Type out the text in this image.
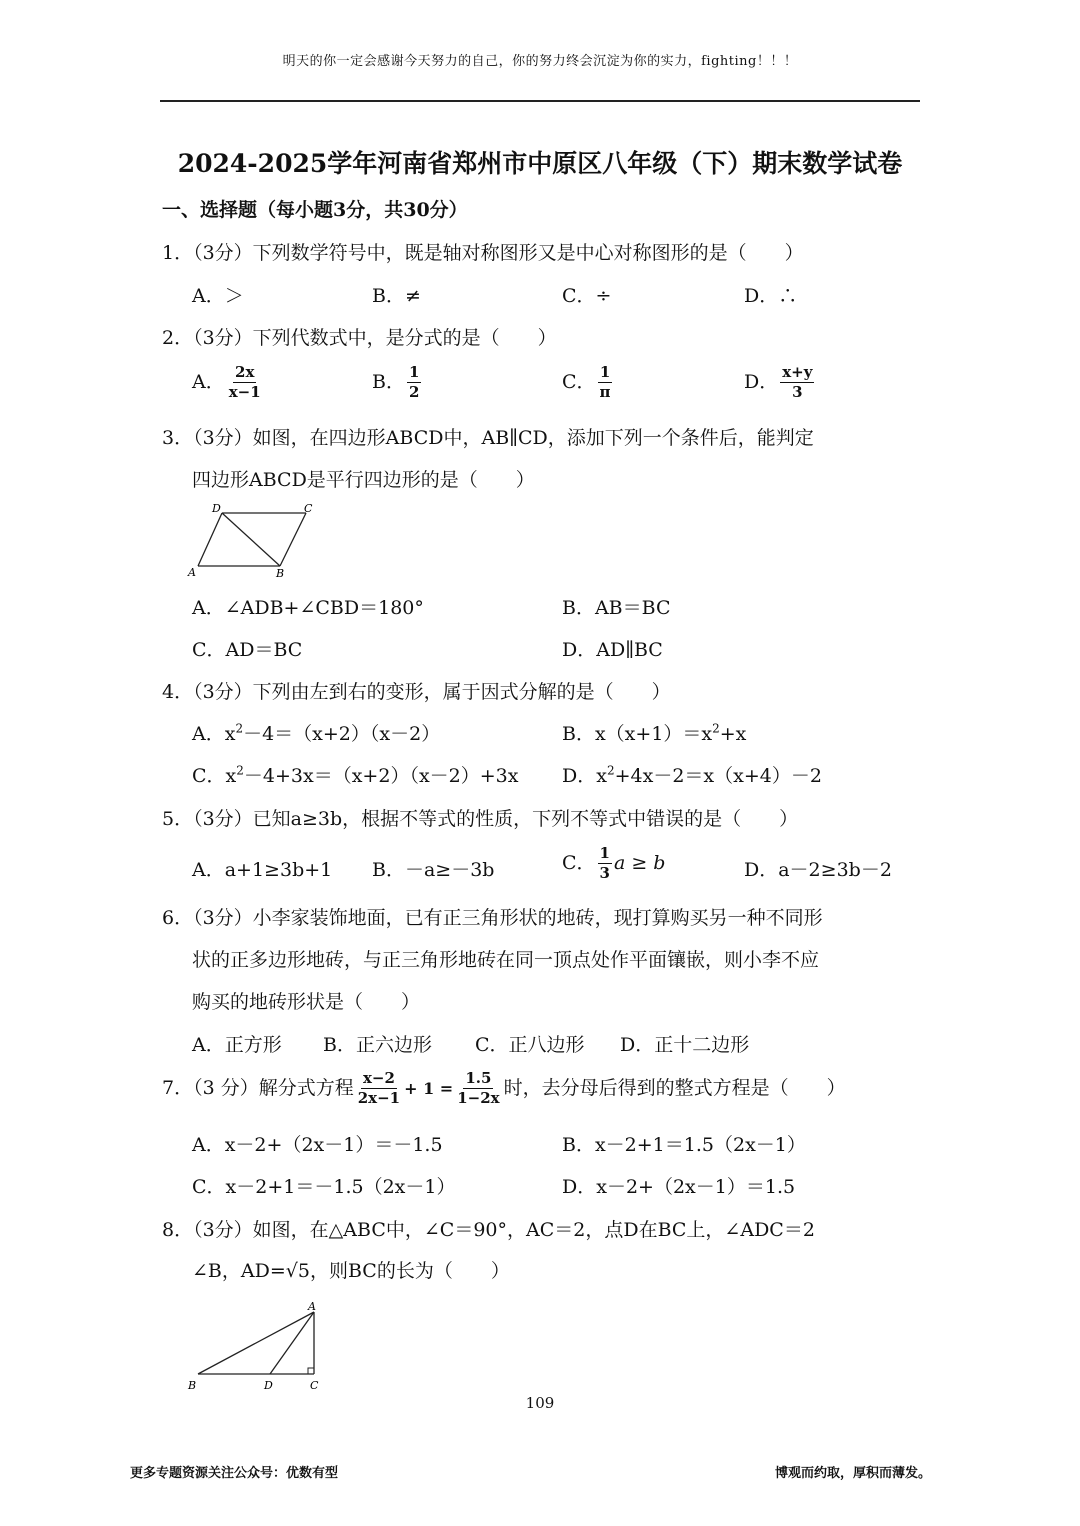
明天的你一定会感谢今天努力的自己，你的努力终会沉淀为你的实力，fighting！！！
2024-2025学年河南省郑州市中原区八年级（下）期末数学试卷
一、选择题（每小题3分，共30分）
1．（3分）下列数学符号中，既是轴对称图形又是中心对称图形的是（　　）
A．＞	B．≠	C．÷	D．∴
2．（3分）下列代数式中，是分式的是（　　）
A． $\frac{2x}{x-1}$	B． $\frac{1}{2}$	C． $\frac{1}{\pi}$	D． $\frac{x+y}{3}$
3．（3分）如图，在四边形ABCD中，AB∥CD，添加下列一个条件后，能判定
四边形ABCD是平行四边形的是（　　）
A	B
C
D
A．∠ADB+∠CBD＝180°	B．AB＝BC
C．AD＝BC	D．AD∥BC
4．（3分）下列由左到右的变形，属于因式分解的是（　　）
A．$x^2-4=(x+2)(x-2)$	B．$x(x+1)=x^2+x$
C．$x^2-4+3x=(x+2)(x-2)+3x$ D．$x^2+4x-2=x(x+4)-2$
5．（3分）已知a≥3b，根据不等式的性质，下列不等式中错误的是（　　）
A．a+1≥3b+1 B．－a≥－3b	C． $\frac{1}{3}$ a ≥ b	D．a－2≥3b－2
6．（3分）小李家装饰地面，已有正三角形状的地砖，现打算购买另一种不同形
状的正多边形地砖，与正三角形地砖在同一顶点处作平面镶嵌，则小李不应
购买的地砖形状是（　　）
A．正方形 B．正六边形 C．正八边形 D．正十二边形
7．（3 分）解分式方程 $\frac{x-2}{2x-1} + 1 = \frac{1.5}{1-2x}$ 时，去分母后得到的整式方程是（　　）
A．x－2+（2x－1）＝－1.5	B．x－2+1＝1.5（2x－1）
C．x－2+1＝－1.5（2x－1）	D．x－2+（2x－1）＝1.5
8．（3分）如图，在△ABC中，∠C＝90°，AC＝2，点D在BC上，∠ADC＝2
∠B，AD=√5，则BC的长为（　　）
A
B	C
D
109
更多专题资源关注公众号：优数有型	博观而约取，厚积而薄发。
